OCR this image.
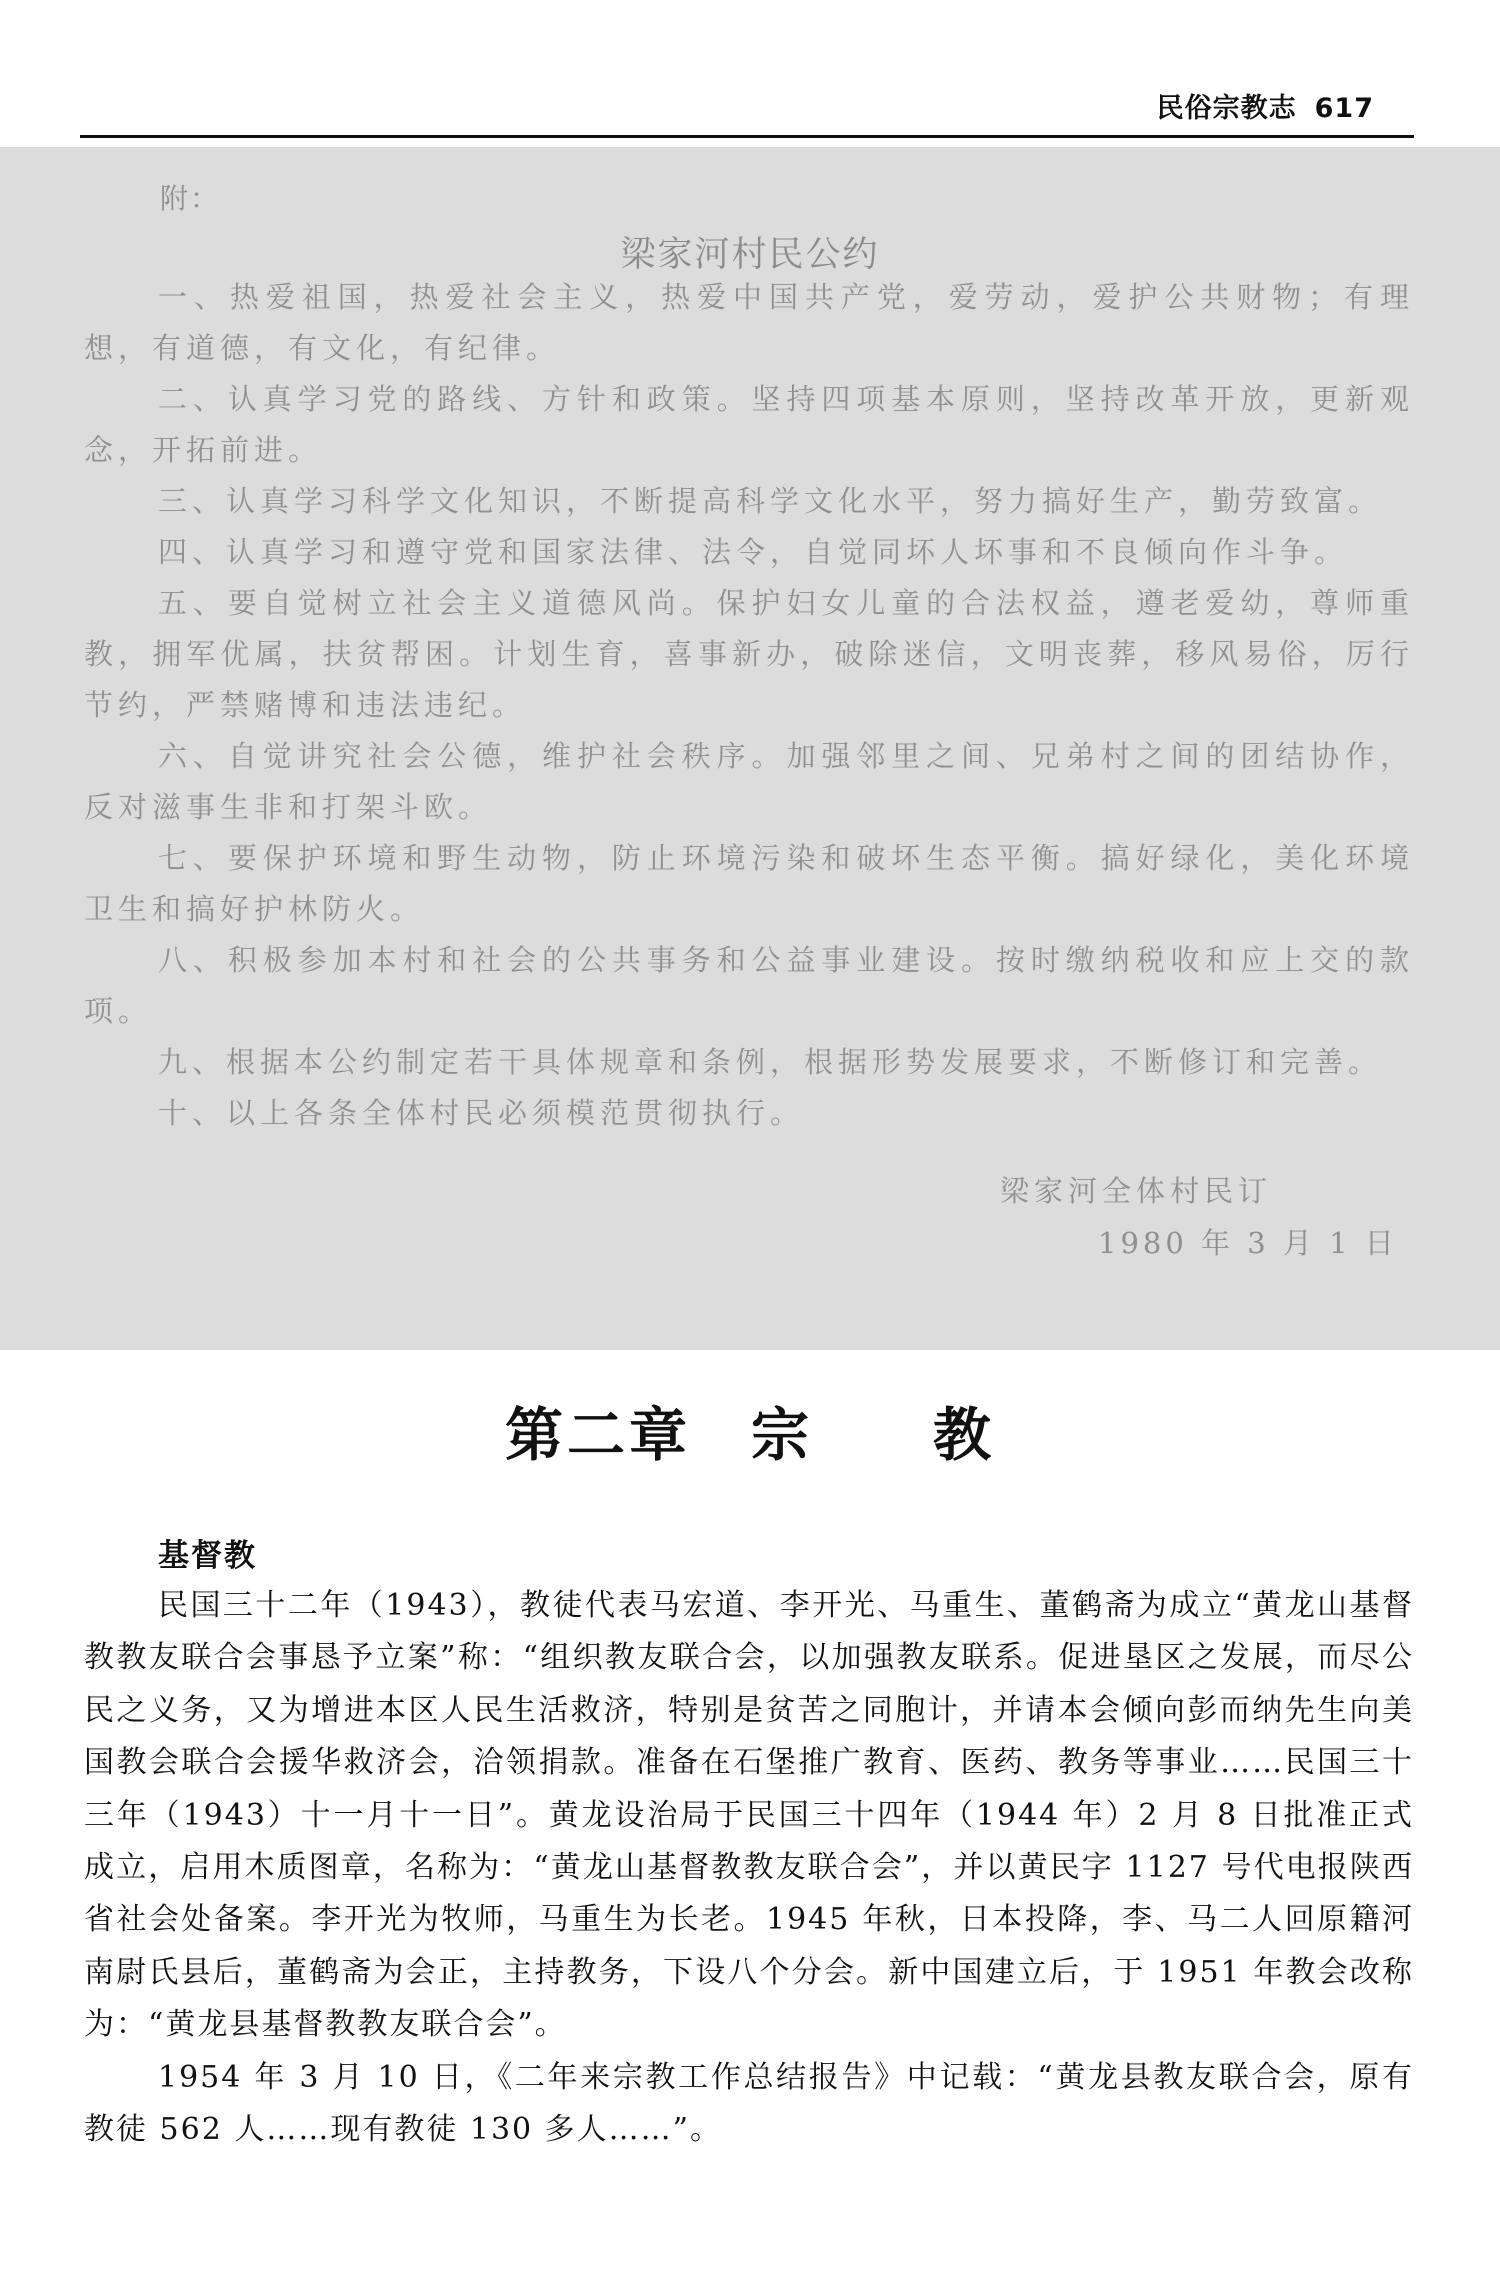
民俗宗教志 617
附：
梁家河村民公约

一、热爱祖国，热爱社会主义，热爱中国共产党，爱劳动，爱护公共财物；有理想，有道德，有文化，有纪律。

二、认真学习党的路线、方针和政策。坚持四项基本原则，坚持改革开放，更新观念，开拓前进。

三、认真学习科学文化知识，不断提高科学文化水平，努力搞好生产，勤劳致富。

四、认真学习和遵守党和国家法律、法令，自觉同坏人坏事和不良倾向作斗争。

五、要自觉树立社会主义道德风尚。保护妇女儿童的合法权益，遵老爱幼，尊师重教，拥军优属，扶贫帮困。计划生育，喜事新办，破除迷信，文明丧葬，移风易俗，厉行节约，严禁赌博和违法违纪。

六、自觉讲究社会公德，维护社会秩序。加强邻里之间、兄弟村之间的团结协作，反对滋事生非和打架斗欧。

七、要保护环境和野生动物，防止环境污染和破坏生态平衡。搞好绿化，美化环境卫生和搞好护林防火。

八、积极参加本村和社会的公共事务和公益事业建设。按时缴纳税收和应上交的款项。

九、根据本公约制定若干具体规章和条例，根据形势发展要求，不断修订和完善。

十、以上各条全体村民必须模范贯彻执行。

梁家河全体村民订
1980 年 3 月 1 日
第二章 宗 教
基督教

民国三十二年（1943），教徒代表马宏道、李开光、马重生、董鹤斋为成立“黄龙山基督教教友联合会事恳予立案”称：“组织教友联合会，以加强教友联系。促进垦区之发展，而尽公民之义务，又为增进本区人民生活救济，特别是贫苦之同胞计，并请本会倾向彭而纳先生向美国教会联合会援华救济会，洽领捐款。准备在石堡推广教育、医药、教务等事业……民国三十三年（1943）十一月十一日”。黄龙设治局于民国三十四年（1944 年）2 月 8 日批准正式成立，启用木质图章，名称为：“黄龙山基督教教友联合会”，并以黄民字 1127 号代电报陕西省社会处备案。李开光为牧师，马重生为长老。1945 年秋，日本投降，李、马二人回原籍河南尉氏县后，董鹤斋为会正，主持教务，下设八个分会。新中国建立后，于 1951 年教会改称为：“黄龙县基督教教友联合会”。

1954 年 3 月 10 日，《二年来宗教工作总结报告》中记载：“黄龙县教友联合会，原有教徒 562 人……现有教徒 130 多人……”。
